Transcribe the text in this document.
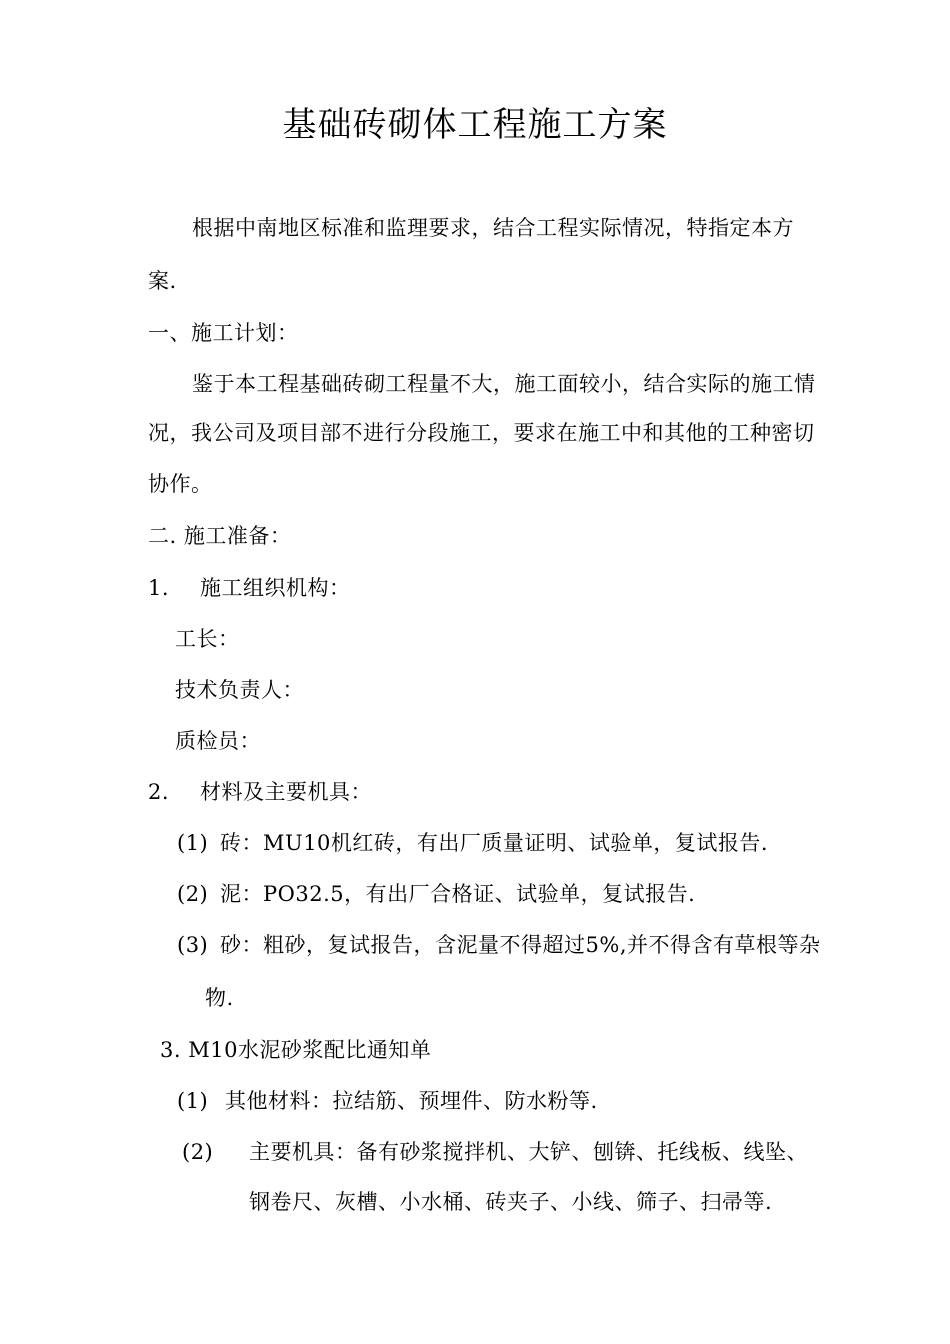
基础砖砌体工程施工方案

根据中南地区标准和监理要求，结合工程实际情况，特指定本方

案.

一、施工计划：

鉴于本工程基础砖砌工程量不大，施工面较小，结合实际的施工情

况，我公司及项目部不进行分段施工，要求在施工中和其他的工种密切

协作。

二. 施工准备：

1. 施工组织机构：

工长：

技术负责人：

质检员：

2. 材料及主要机具：

(1) 砖：MU10机红砖，有出厂质量证明、试验单，复试报告.

(2) 泥：PO32.5，有出厂合格证、试验单，复试报告.

(3) 砂：粗砂，复试报告，含泥量不得超过5%,并不得含有草根等杂

物.

3. M10水泥砂浆配比通知单

(1) 其他材料：拉结筋、预埋件、防水粉等.

(2) 主要机具：备有砂浆搅拌机、大铲、刨锛、托线板、线坠、

钢卷尺、灰槽、小水桶、砖夹子、小线、筛子、扫帚等.
